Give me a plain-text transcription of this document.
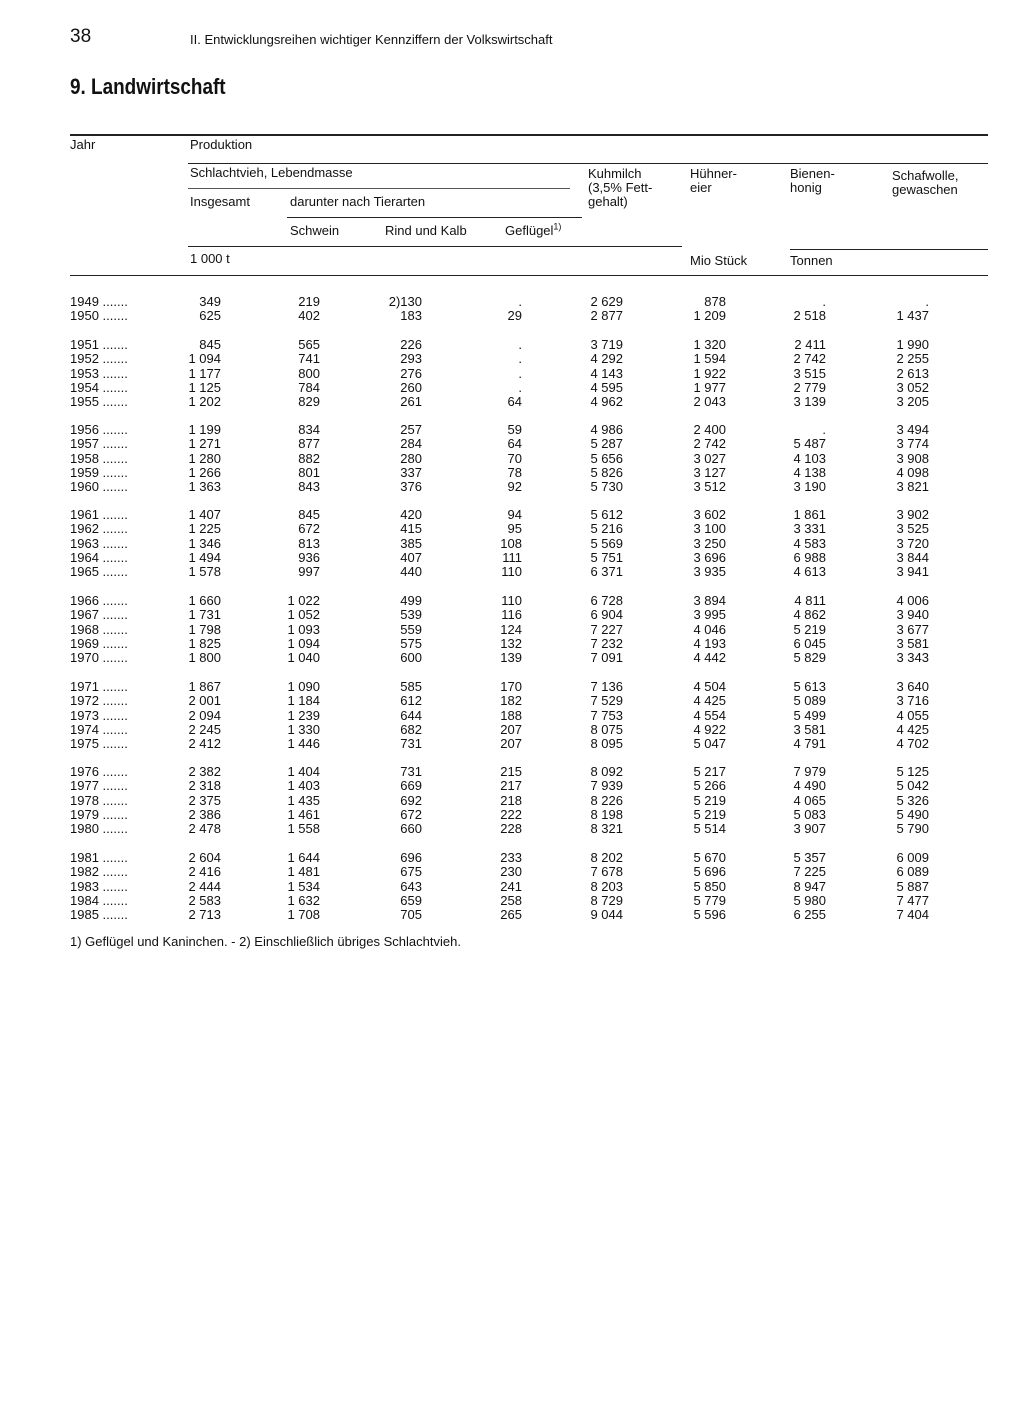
38	II. Entwicklungsreihen wichtiger Kennziffern der Volkswirtschaft
9. Landwirtschaft
Jahr	Produktion
Schlachtvieh, Lebendmasse
Insgesamt	darunter nach Tierarten
Schwein	Rind und Kalb	Geflügel$^{1)}$
Kuhmilch
(3,5% Fett-
gehalt)
Hühner-
eier
Bienen-
honig
Schafwolle,
gewaschen
1 000 t	Mio Stück	Tonnen
1949 .......	349	219	2)130	.	2 629	878	.	.
1950 .......	625	402	183	29	2 877	1 209	2 518	1 437
1951 .......	845	565	226	.	3 719	1 320	2 411	1 990
1952 .......	1 094	741	293	.	4 292	1 594	2 742	2 255
1953 .......	1 177	800	276	.	4 143	1 922	3 515	2 613
1954 .......	1 125	784	260	.	4 595	1 977	2 779	3 052
1955 .......	1 202	829	261	64	4 962	2 043	3 139	3 205
1956 .......	1 199	834	257	59	4 986	2 400	.	3 494
1957 .......	1 271	877	284	64	5 287	2 742	5 487	3 774
1958 .......	1 280	882	280	70	5 656	3 027	4 103	3 908
1959 .......	1 266	801	337	78	5 826	3 127	4 138	4 098
1960 .......	1 363	843	376	92	5 730	3 512	3 190	3 821
1961 .......	1 407	845	420	94	5 612	3 602	1 861	3 902
1962 .......	1 225	672	415	95	5 216	3 100	3 331	3 525
1963 .......	1 346	813	385	108	5 569	3 250	4 583	3 720
1964 .......	1 494	936	407	111	5 751	3 696	6 988	3 844
1965 .......	1 578	997	440	110	6 371	3 935	4 613	3 941
1966 .......	1 660	1 022	499	110	6 728	3 894	4 811	4 006
1967 .......	1 731	1 052	539	116	6 904	3 995	4 862	3 940
1968 .......	1 798	1 093	559	124	7 227	4 046	5 219	3 677
1969 .......	1 825	1 094	575	132	7 232	4 193	6 045	3 581
1970 .......	1 800	1 040	600	139	7 091	4 442	5 829	3 343
1971 .......	1 867	1 090	585	170	7 136	4 504	5 613	3 640
1972 .......	2 001	1 184	612	182	7 529	4 425	5 089	3 716
1973 .......	2 094	1 239	644	188	7 753	4 554	5 499	4 055
1974 .......	2 245	1 330	682	207	8 075	4 922	3 581	4 425
1975 .......	2 412	1 446	731	207	8 095	5 047	4 791	4 702
1976 .......	2 382	1 404	731	215	8 092	5 217	7 979	5 125
1977 .......	2 318	1 403	669	217	7 939	5 266	4 490	5 042
1978 .......	2 375	1 435	692	218	8 226	5 219	4 065	5 326
1979 .......	2 386	1 461	672	222	8 198	5 219	5 083	5 490
1980 .......	2 478	1 558	660	228	8 321	5 514	3 907	5 790
1981 .......	2 604	1 644	696	233	8 202	5 670	5 357	6 009
1982 .......	2 416	1 481	675	230	7 678	5 696	7 225	6 089
1983 .......	2 444	1 534	643	241	8 203	5 850	8 947	5 887
1984 .......	2 583	1 632	659	258	8 729	5 779	5 980	7 477
1985 .......	2 713	1 708	705	265	9 044	5 596	6 255	7 404
1) Geflügel und Kaninchen. - 2) Einschließlich übriges Schlachtvieh.
